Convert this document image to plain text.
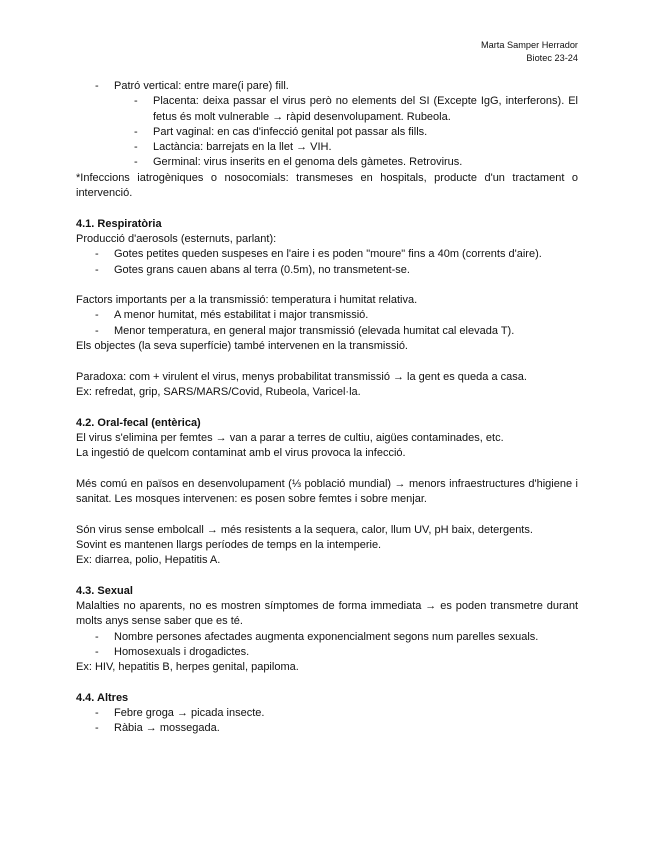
Marta Samper Herrador
Biotec 23-24
- Patró vertical: entre mare(i pare) fill.
- Placenta: deixa passar el virus però no elements del SI (Excepte IgG, interferons). El fetus és molt vulnerable → ràpid desenvolupament. Rubeola.
- Part vaginal: en cas d'infecció genital pot passar als fills.
- Lactància: barrejats en la llet → VIH.
- Germinal: virus inserits en el genoma dels gàmetes. Retrovirus.

*Infeccions iatrogèniques o nosocomials: transmeses en hospitals, producte d'un tractament o intervenció.

4.1. Respiratòria

Producció d'aerosols (esternuts, parlant):

- Gotes petites queden suspeses en l'aire i es poden "moure" fins a 40m (corrents d'aire).
- Gotes grans cauen abans al terra (0.5m), no transmetent-se.

Factors importants per a la transmissió: temperatura i humitat relativa.

- A menor humitat, més estabilitat i major transmissió.
- Menor temperatura, en general major transmissió (elevada humitat cal elevada T).

Els objectes (la seva superfície) també intervenen en la transmissió.

Paradoxa: com + virulent el virus, menys probabilitat transmissió → la gent es queda a casa.

Ex: refredat, grip, SARS/MARS/Covid, Rubeola, Varicel·la.

4.2. Oral-fecal (entèrica)

El virus s'elimina per femtes → van a parar a terres de cultiu, aigües contaminades, etc.

La ingestió de quelcom contaminat amb el virus provoca la infecció.

Més comú en països en desenvolupament (⅓ població mundial) → menors infraestructures d'higiene i sanitat. Les mosques intervenen: es posen sobre femtes i sobre menjar.

Són virus sense embolcall → més resistents a la sequera, calor, llum UV, pH baix, detergents.

Sovint es mantenen llargs períodes de temps en la intemperie.

Ex: diarrea, polio, Hepatitis A.

4.3. Sexual

Malalties no aparents, no es mostren símptomes de forma immediata → es poden transmetre durant molts anys sense saber que es té.

- Nombre persones afectades augmenta exponencialment segons num parelles sexuals.
- Homosexuals i drogadictes.

Ex: HIV, hepatitis B, herpes genital, papiloma.

4.4. Altres
- Febre groga → picada insecte.
- Ràbia → mossegada.
